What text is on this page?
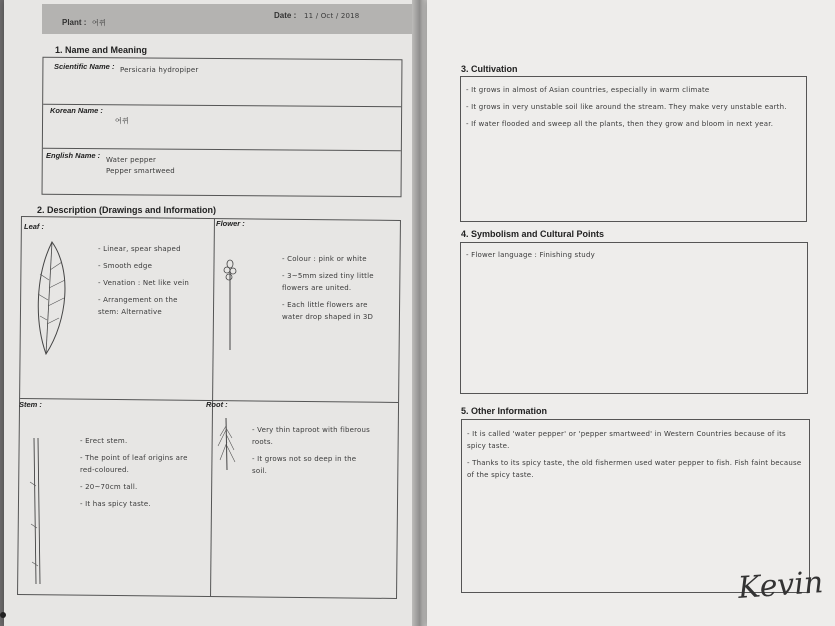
Plant : 여뀌
Date : 11 / Oct / 2018
1. Name and Meaning
Scientific Name : Persicaria hydropiper
Korean Name :
여뀌
English Name : Water pepper
Pepper smartweed
2. Description (Drawings and Information)
Leaf :
- Linear, spear shaped
- Smooth edge
- Venation : Net like vein
- Arrangement on the stem: Alternative
Flower :
- Colour : pink or white
- 3~5mm sized tiny little flowers are united.
- Each little flowers are water drop shaped in 3D
Stem :
- Erect stem.
- The point of leaf origins are red-coloured.
- 20~70cm tall.
- It has spicy taste.
Root :
- Very thin taproot with fiberous roots.
- It grows not so deep in the soil.
3. Cultivation
- It grows in almost of Asian countries, especially in warm climate
- It grows in very unstable soil like around the stream. They make very unstable earth.
- If water flooded and sweep all the plants, then they grow and bloom in next year.
4. Symbolism and Cultural Points
- Flower language : Finishing study
5. Other Information
- It is called 'water pepper' or 'pepper smartweed' in Western Countries because of its spicy taste.
- Thanks to its spicy taste, the old fishermen used water pepper to fish. Fish faint because of the spicy taste.
Kevin
